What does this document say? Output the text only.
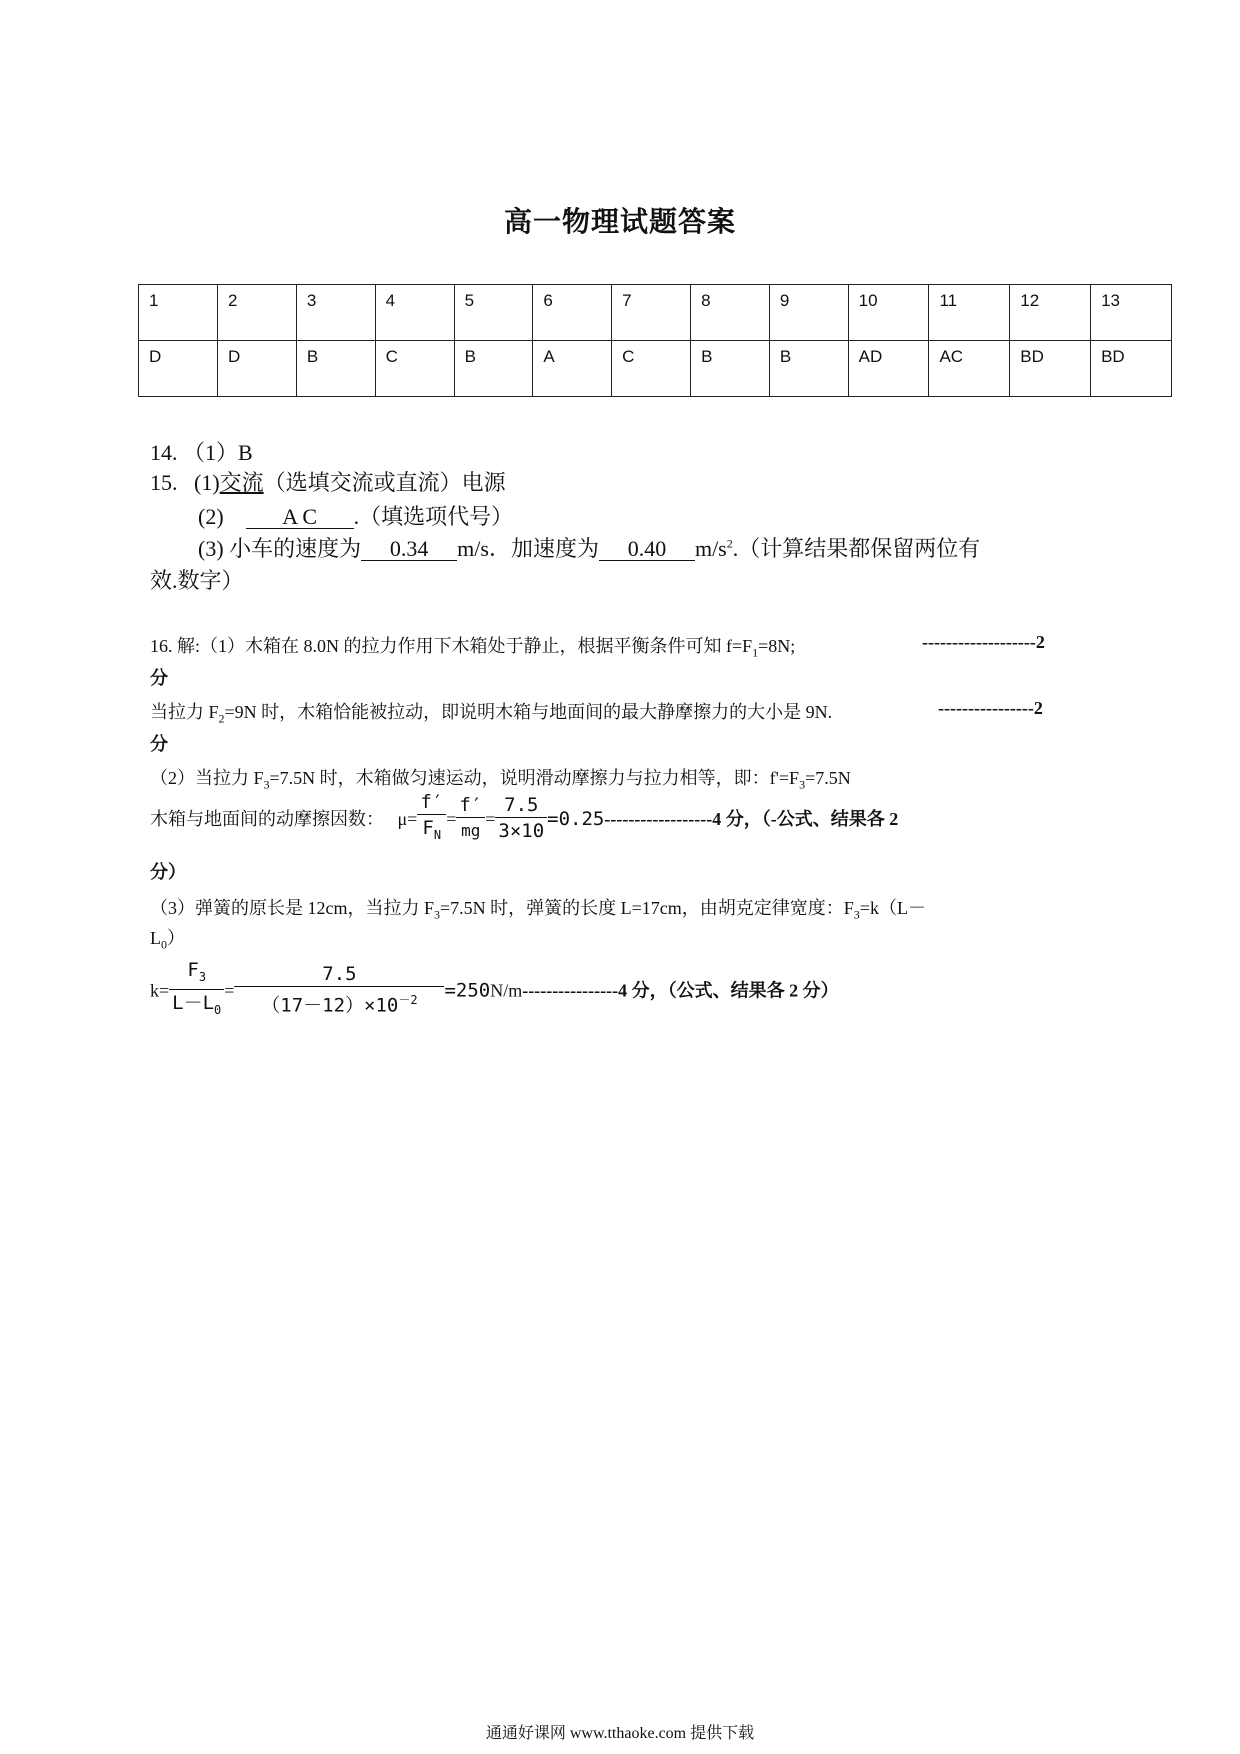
高一物理试题答案
1	2	3	4	5	6	7	8	9	10	11	12	13
D	D	B	C	B	A	C	B	B	AD	AC	BD	BD
14. （1）B
15. (1)交流（选填交流或直流）电源
(2)	A C .（填选项代号）
(3) 小车的速度为 0.34 m/s．加速度为 0.40 $m/s^2$.（计算结果都保留两位有
效.数字）
16. 解:（1）木箱在 8.0N 的拉力作用下木箱处于静止，根据平衡条件可知 $f=F_1=8N$;	-------------------2
分
当拉力 $F_2=9N$ 时，木箱恰能被拉动，即说明木箱与地面间的最大静摩擦力的大小是 9N.	----------------2
分
（2）当拉力 $F_3=7.5N$ 时，木箱做匀速运动，说明滑动摩擦力与拉力相等，即：$f'=F_3=7.5N$
木箱与地面间的动摩擦因数： $\mu= \frac{f'}{F_N} = \frac{f'}{mg} = \frac{7.5}{3\times 10} =0.25------------------4$ 分，（-公式、结果各 2
分）
（3）弹簧的原长是 12cm，当拉力 $F_3=7.5N$ 时，弹簧的长度 L=17cm，由胡克定律宽度：$F_3=k(L-$
$L_0$）
$k= \frac{F_3}{L-L_0} = \frac{7.5}{(17-12)\times 10^{-2}} =250N/m----------------4$ 分，（公式、结果各 2 分）
通通好课网 www.tthaoke.com 提供下载
